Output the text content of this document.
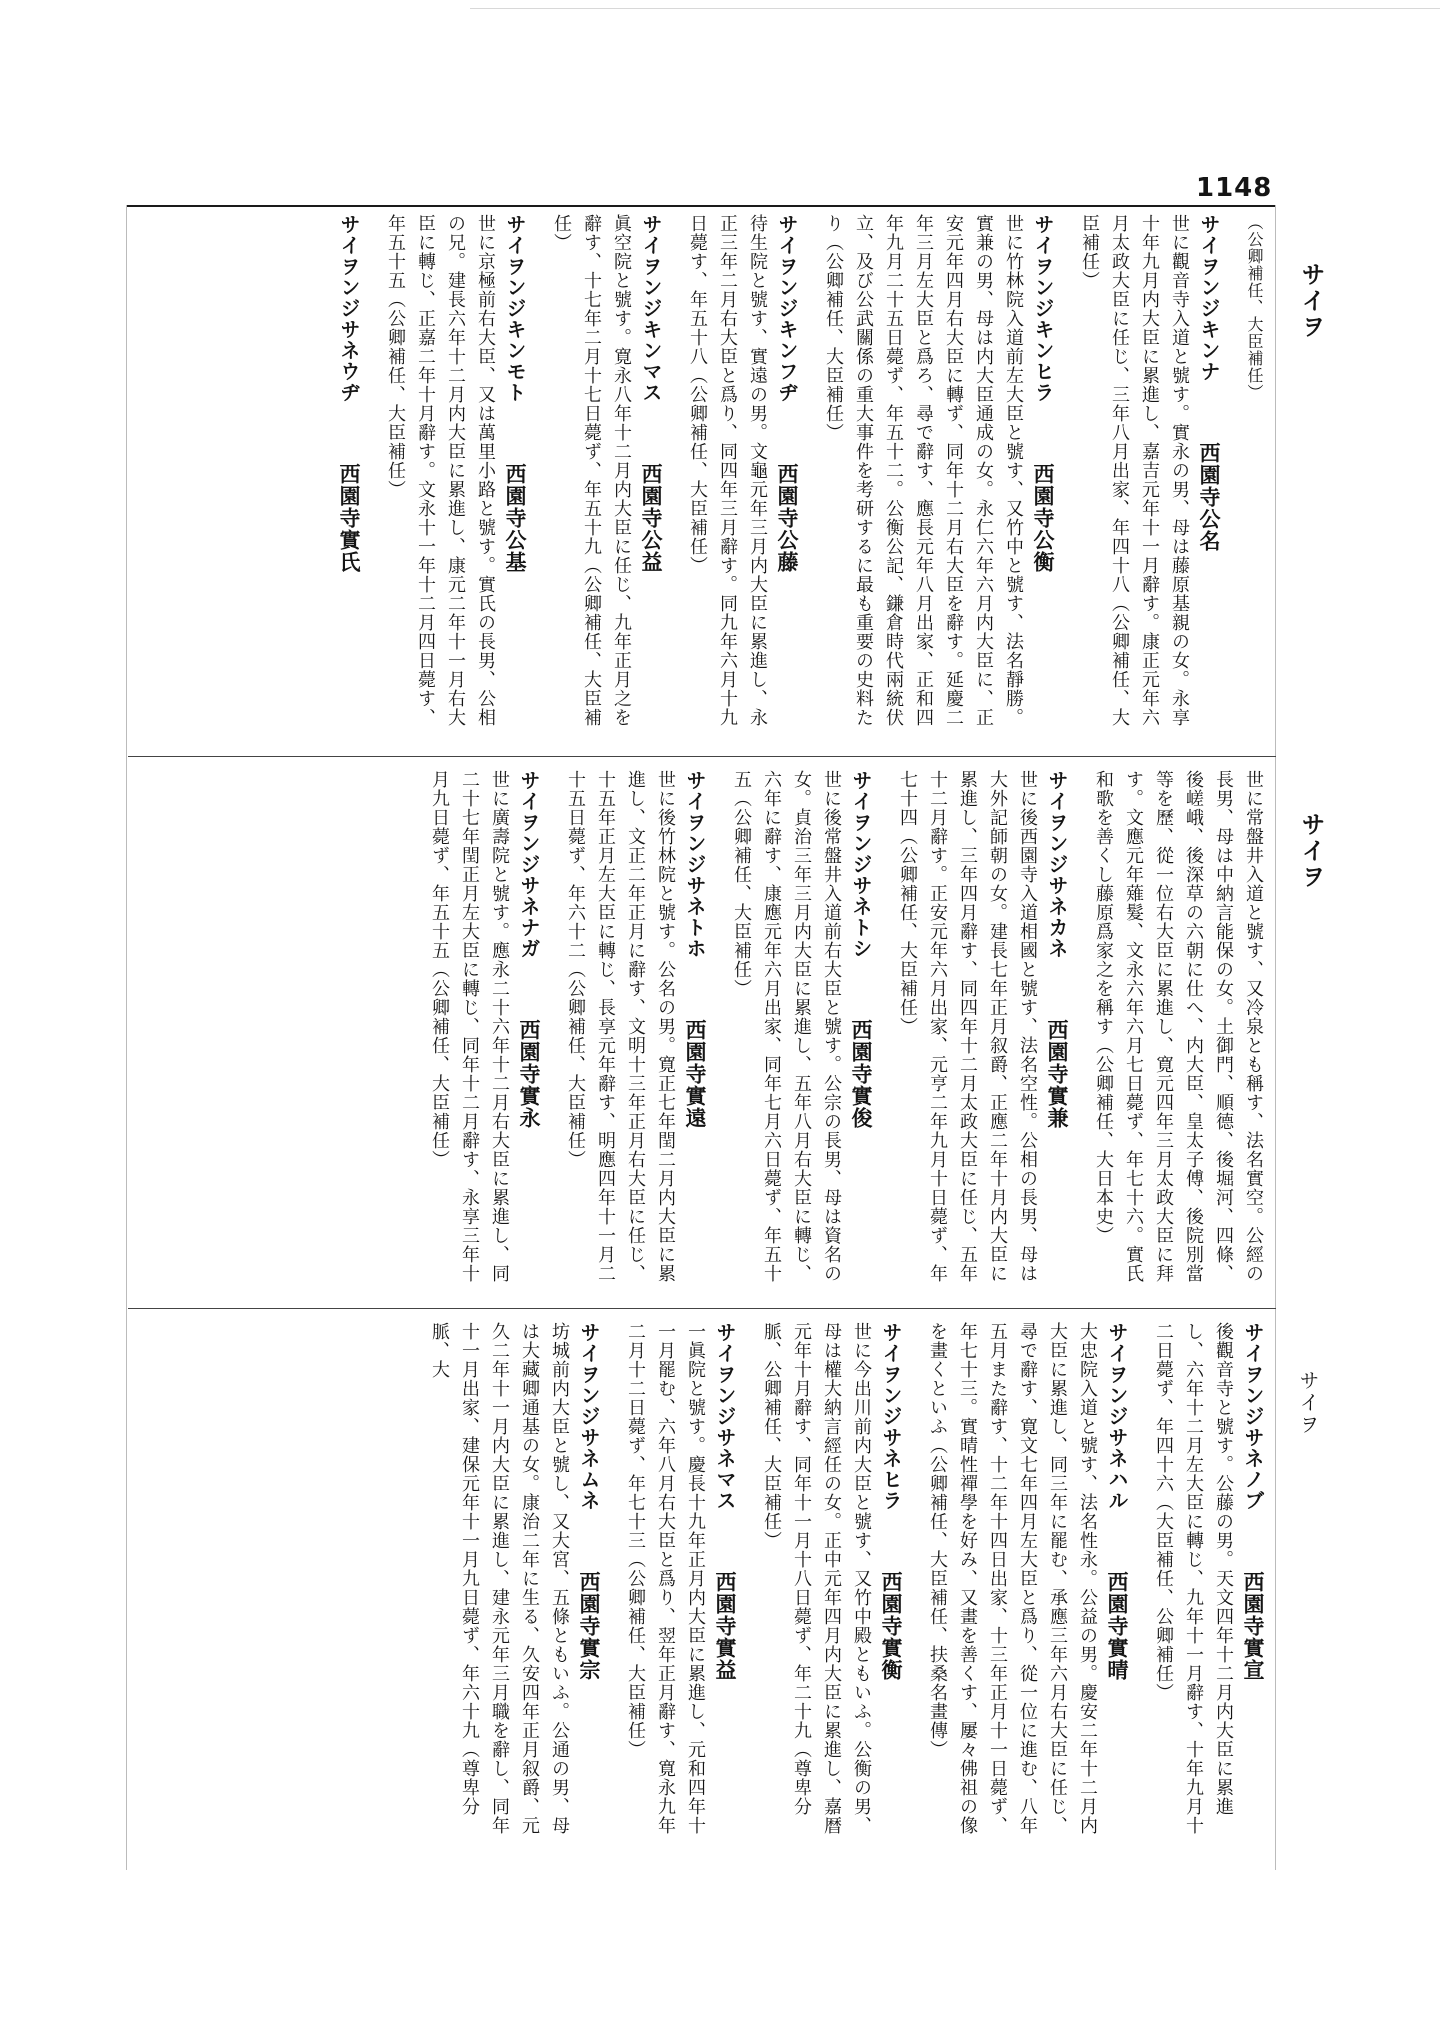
1148
サイヲ
サイヲ
サイヲ
（公卿補任、大臣補任）
サイヲンジキンナ西園寺公名
世に觀音寺入道と號す。實永の男、母は藤原基親の女。永享十年九月内大臣に累進し、嘉吉元年十一月辭す。康正元年六月太政大臣に任じ、三年八月出家、年四十八（公卿補任、大臣補任）
サイヲンジキンヒラ西園寺公衡
世に竹林院入道前左大臣と號す、又竹中と號す、法名靜勝。實兼の男、母は内大臣通成の女。永仁六年六月内大臣に、正安元年四月右大臣に轉ず、同年十二月右大臣を辭す。延慶二年三月左大臣と爲ろ、尋で辭す、應長元年八月出家、正和四年九月二十五日薨ず、年五十二。公衡公記、鎌倉時代兩統伏立、及び公武關係の重大事件を考研するに最も重要の史料たり（公卿補任、大臣補任）
サイヲンジキンフヂ西園寺公藤
待生院と號す、實遠の男。文龜元年三月内大臣に累進し、永正三年二月右大臣と爲り、同四年三月辭す。同九年六月十九日薨す、年五十八（公卿補任、大臣補任）
サイヲンジキンマス西園寺公益
眞空院と號す。寛永八年十二月内大臣に任じ、九年正月之を辭す、十七年二月十七日薨ず、年五十九（公卿補任、大臣補任）
サイヲンジキンモト西園寺公基
世に京極前右大臣、又は萬里小路と號す。實氏の長男、公相の兄。建長六年十二月内大臣に累進し、康元二年十一月右大臣に轉じ、正嘉二年十月辭す。文永十一年十二月四日薨す、年五十五（公卿補任、大臣補任）
サイヲンジサネウヂ西園寺實氏
世に常盤井入道と號す、又冷泉とも稱す、法名實空。公經の長男、母は中納言能保の女。土御門、順德、後堀河、四條、後嵯峨、後深草の六朝に仕へ、内大臣、皇太子傅、後院別當等を歷、從一位右大臣に累進し、寛元四年三月太政大臣に拜す。文應元年薙髮、文永六年六月七日薨ず、年七十六。實氏和歌を善くし藤原爲家之を稱す（公卿補任、大日本史）
サイヲンジサネカネ西園寺實兼
世に後西園寺入道相國と號す、法名空性。公相の長男、母は大外記師朝の女。建長七年正月叙爵、正應二年十月内大臣に累進し、三年四月辭す、同四年十二月太政大臣に任じ、五年十二月辭す。正安元年六月出家、元亨二年九月十日薨ず、年七十四（公卿補任、大臣補任）
サイヲンジサネトシ西園寺實俊
世に後常盤井入道前右大臣と號す。公宗の長男、母は資名の女。貞治三年三月内大臣に累進し、五年八月右大臣に轉じ、六年に辭す、康應元年六月出家、同年七月六日薨ず、年五十五（公卿補任、大臣補任）
サイヲンジサネトホ西園寺實遠
世に後竹林院と號す。公名の男。寛正七年閏二月内大臣に累進し、文正二年正月に辭す、文明十三年正月右大臣に任じ、十五年正月左大臣に轉じ、長享元年辭す、明應四年十一月二十五日薨ず、年六十二（公卿補任、大臣補任）
サイヲンジサネナガ西園寺實永
世に廣壽院と號す。應永二十六年十二月右大臣に累進し、同二十七年閏正月左大臣に轉じ、同年十二月辭す、永享三年十月九日薨ず、年五十五（公卿補任、大臣補任）
サイヲンジサネノブ西園寺實宣
後觀音寺と號す。公藤の男。天文四年十二月内大臣に累進し、六年十二月左大臣に轉じ、九年十一月辭す、十年九月十二日薨ず、年四十六（大臣補任、公卿補任）
サイヲンジサネハル西園寺實晴
大忠院入道と號す、法名性永。公益の男。慶安二年十二月内大臣に累進し、同三年に罷む、承應三年六月右大臣に任じ、尋で辭す、寛文七年四月左大臣と爲り、從一位に進む、八年五月また辭す、十二年十四日出家、十三年正月十一日薨ず、年七十三。實晴性禪學を好み、又畫を善くす、屢々佛祖の像を畫くといふ（公卿補任、大臣補任、扶桑名畫傳）
サイヲンジサネヒラ西園寺實衡
世に今出川前内大臣と號す、又竹中殿ともいふ。公衡の男、母は權大納言經任の女。正中元年四月内大臣に累進し、嘉暦元年十月辭す、同年十一月十八日薨ず、年二十九（尊卑分脈、公卿補任、大臣補任）
サイヲンジサネマス西園寺實益
一眞院と號す。慶長十九年正月内大臣に累進し、元和四年十一月罷む、六年八月右大臣と爲り、翌年正月辭す、寛永九年二月十二日薨ず、年七十三（公卿補任、大臣補任）
サイヲンジサネムネ西園寺實宗
坊城前内大臣と號し、又大宮、五條ともいふ。公通の男、母は大藏卿通基の女。康治二年に生る、久安四年正月叙爵、元久二年十一月内大臣に累進し、建永元年三月職を辭し、同年十一月出家、建保元年十一月九日薨ず、年六十九（尊卑分脈、大
